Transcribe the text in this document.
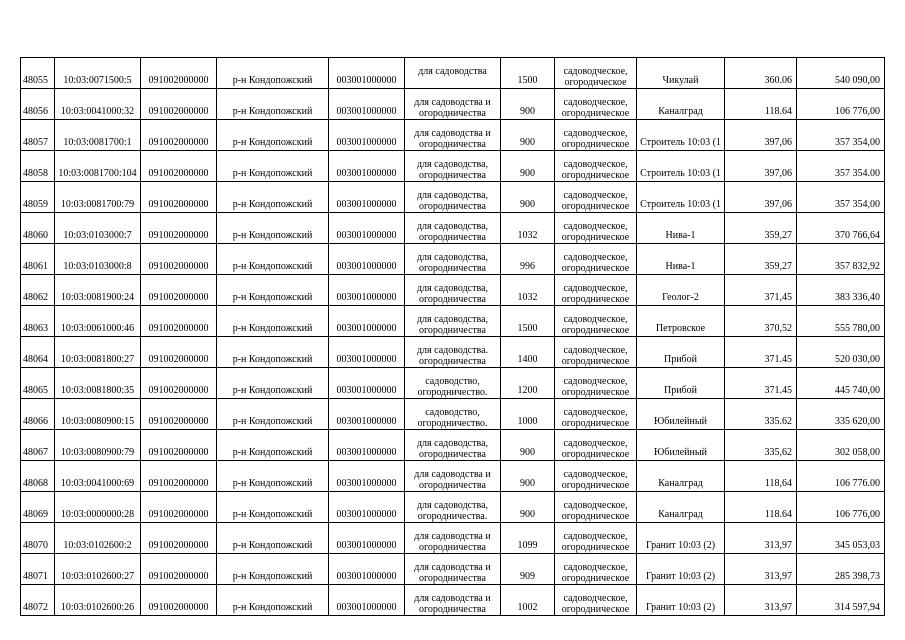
48055	10:03:0071500:5	091002000000	р-н Кондопожский	003001000000	для садоводства	1500	садоводческое,
огороднческое	Чикулай	360.06	540 090,00
48056	10:03:0041000:32	091002000000	р-н Кондопожский	003001000000	для садоводства и
огородничества	900	садоводческое,
огородническое	Каналград	118.64	106 776,00
48057	10:03:0081700:1	091002000000	р-н Кондопожский	003001000000	для садоводства и
огородничества	900	садоводческое,
огородническое	Строитель 10:03 (1	397,06	357 354,00
48058	10:03:0081700:104	091002000000	р-н Кондопожский	003001000000	для садоводства,
огородничества	900	садоводческое,
огородническое	Строитель 10:03 (1	397,06	357 354.00
48059	10:03:0081700:79	091002000000	р-н Кондопожский	003001000000	для садоводства,
огородничества	900	садоводческое,
огородническое	Строитель 10:03 (1	397,06	357 354,00
48060	10:03:0103000:7	091002000000	р-н Кондопожский	003001000000	для садоводства,
огородничества	1032	садоводческое,
огородническое	Нива-1	359,27	370 766,64
48061	10:03:0103000:8	091002000000	р-н Кондопожский	003001000000	для садоводства,
огородничества	996	садоводческое,
огородническое	Нива-1	359,27	357 832,92
48062	10:03:0081900:24	091002000000	р-н Кондопожский	003001000000	для садоводства,
огородничества	1032	садоводческое,
огородническое	Геолог-2	371,45	383 336,40
48063	10:03:0061000:46	091002000000	р-н Кондопожский	003001000000	для садоводства,
огородничества	1500	садоводческое,
огородническое	Петровское	370,52	555 780,00
48064	10:03:0081800:27	091002000000	р-н Кондопожский	003001000000	для садоводства.
огородничества	1400	садоводческое,
огородническое	Прибой	371.45	520 030,00
48065	10:03:0081800:35	091002000000	р-н Кондопожский	003001000000	садоводство,
огородничество.	1200	садоводческое,
огородническое	Прибой	371.45	445 740,00
48066	10:03:0080900:15	091002000000	р-н Кондопожский	003001000000	садоводство,
огородничество.	1000	садоводческое,
огородническое	Юбилейный	335.62	335 620,00
48067	10:03:0080900:79	091002000000	р-н Кондопожский	003001000000	для садоводства,
огородничества	900	садоводческое,
огородническое	Юбилейный	335,62	302 058,00
48068	10:03:0041000:69	091002000000	р-н Кондопожский	003001000000	для садоводства и
огородничества	900	садоводческое,
огородническое	Каналград	118,64	106 776.00
48069	10:03:0000000:28	091002000000	р-н Кондопожский	003001000000	для садоводства,
огородничества.	900	садоводческое,
огородническое	Каналград	118.64	106 776,00
48070	10:03:0102600:2	091002000000	р-н Кондопожский	003001000000	для садоводства и
огородничества	1099	садоводческое,
огородническое	Гранит 10:03 (2)	313,97	345 053,03
48071	10:03:0102600:27	091002000000	р-н Кондопожский	003001000000	для садоводства и
огородничества	909	садоводческое,
огородническое	Гранит 10:03 (2)	313,97	285 398,73
48072	10:03:0102600:26	091002000000	р-н Кондопожский	003001000000	для садоводства и
огородничества	1002	садоводческое,
огородническое	Гранит 10:03 (2)	313,97	314 597,94
